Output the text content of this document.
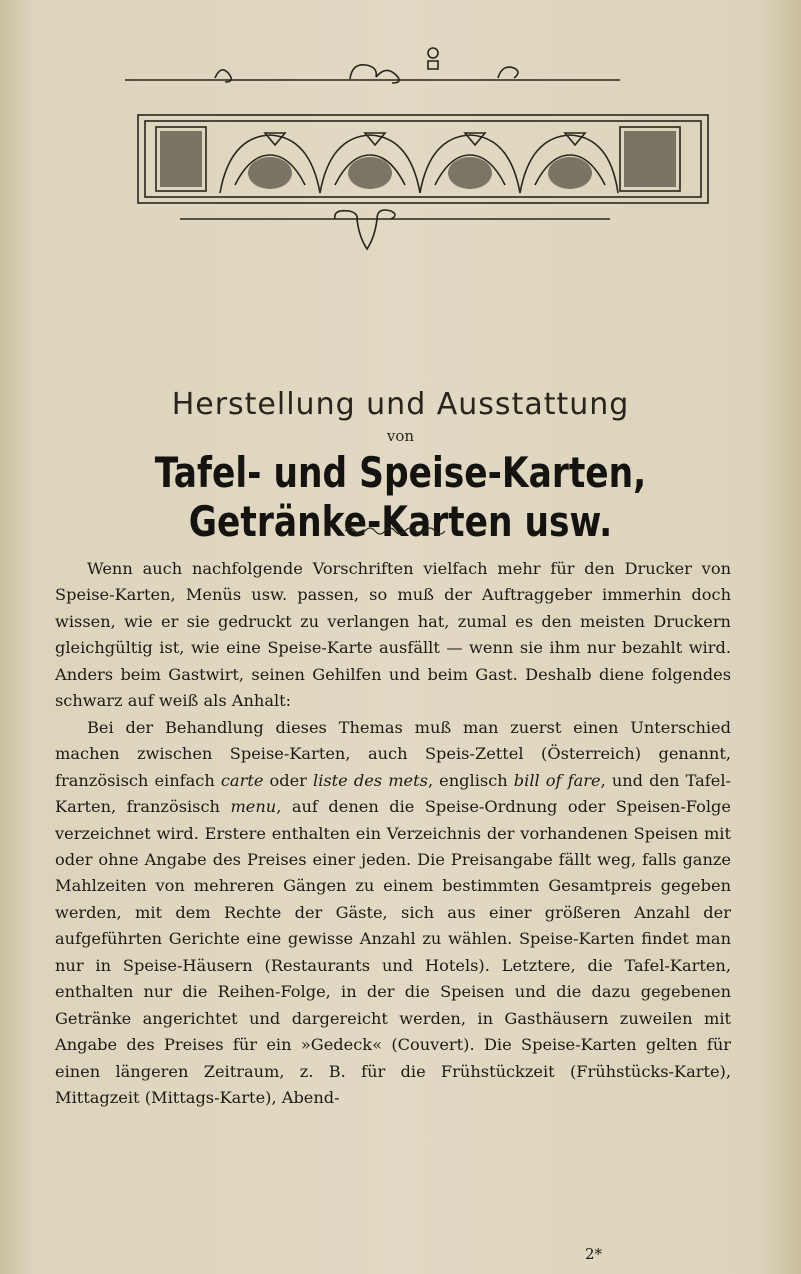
Herstellung und Ausstattung
von
Tafel- und Speise-Karten, Getränke-Karten usw.

Wenn auch nachfolgende Vorschriften vielfach mehr für den Drucker von Speise-Karten, Menüs usw. passen, so muß der Auftraggeber immerhin doch wissen, wie er sie gedruckt zu verlangen hat, zumal es den meisten Druckern gleichgültig ist, wie eine Speise-Karte ausfällt — wenn sie ihm nur bezahlt wird. Anders beim Gastwirt, seinen Gehilfen und beim Gast. Deshalb diene folgendes schwarz auf weiß als Anhalt:

Bei der Behandlung dieses Themas muß man zuerst einen Unterschied machen zwischen Speise-Karten, auch Speis-Zettel (Österreich) genannt, französisch einfach carte oder liste des mets, englisch bill of fare, und den Tafel-Karten, französisch menu, auf denen die Speise-Ordnung oder Speisen-Folge verzeichnet wird. Erstere enthalten ein Verzeichnis der vorhandenen Speisen mit oder ohne Angabe des Preises einer jeden. Die Preisangabe fällt weg, falls ganze Mahlzeiten von mehreren Gängen zu einem bestimmten Gesamtpreis gegeben werden, mit dem Rechte der Gäste, sich aus einer größeren Anzahl der aufgeführten Gerichte eine gewisse Anzahl zu wählen. Speise-Karten findet man nur in Speise-Häusern (Restaurants und Hotels). Letztere, die Tafel-Karten, enthalten nur die Reihen-Folge, in der die Speisen und die dazu gegebenen Getränke angerichtet und dargereicht werden, in Gasthäusern zuweilen mit Angabe des Preises für ein »Gedeck« (Couvert). Die Speise-Karten gelten für einen längeren Zeitraum, z. B. für die Frühstückzeit (Frühstücks-Karte), Mittagzeit (Mittags-Karte), Abend-

2*
